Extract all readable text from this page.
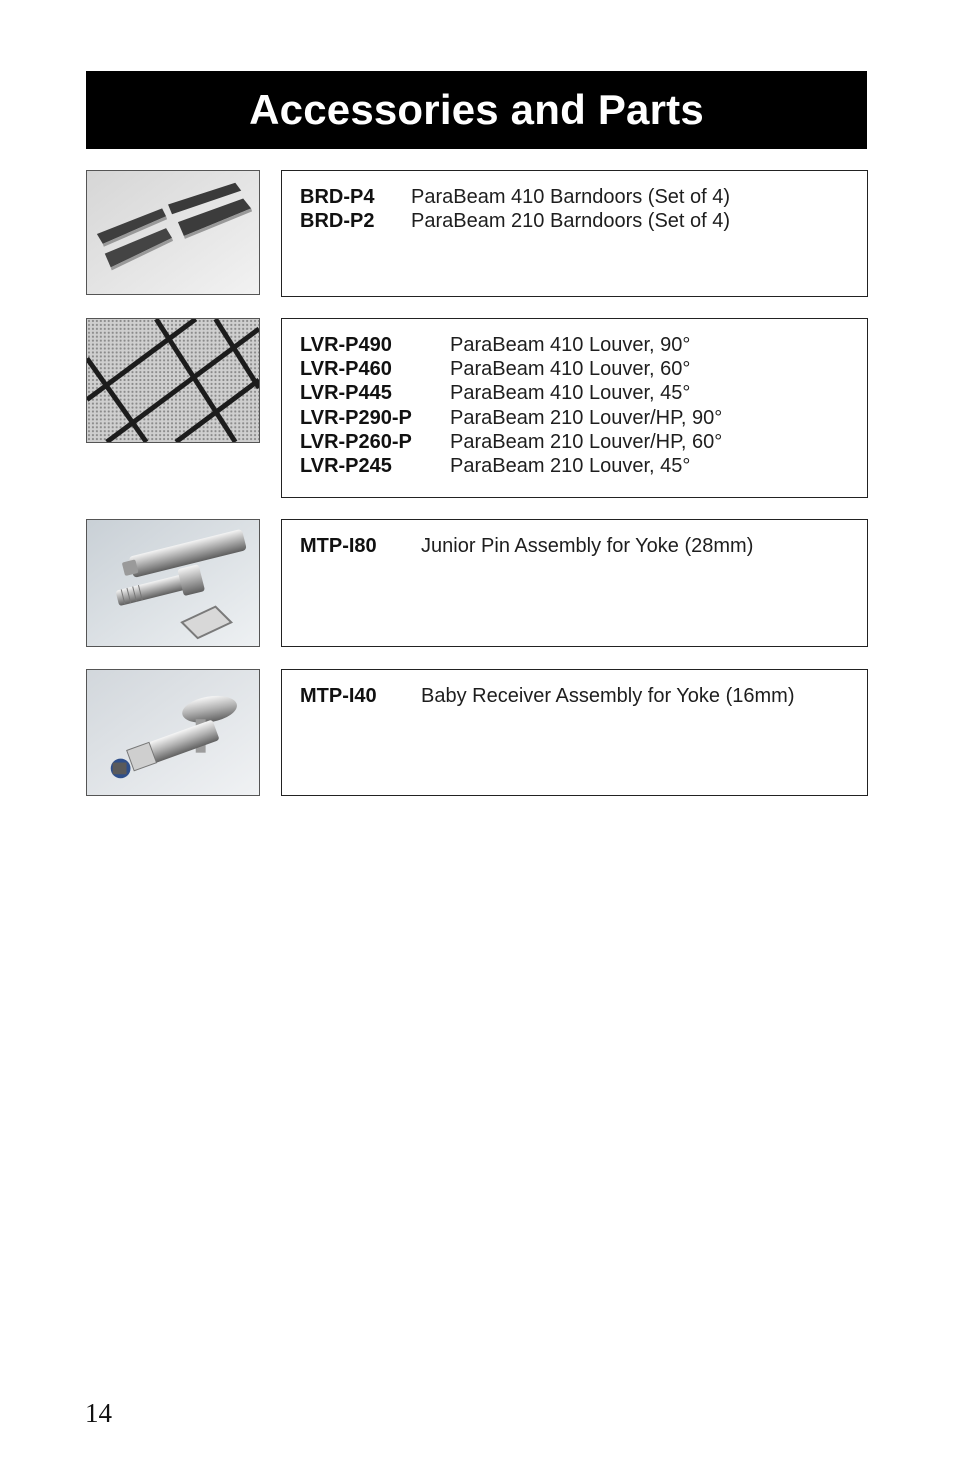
Accessories and Parts
BRD-P4	ParaBeam 410 Barndoors (Set of 4)
BRD-P2	ParaBeam 210 Barndoors (Set of 4)
LVR-P490	ParaBeam 410 Louver, 90°
LVR-P460	ParaBeam 410 Louver, 60°
LVR-P445	ParaBeam 410 Louver, 45°
LVR-P290-P	ParaBeam 210 Louver/HP, 90°
LVR-P260-P	ParaBeam 210 Louver/HP, 60°
LVR-P245	ParaBeam 210 Louver, 45°
MTP-I80	Junior Pin Assembly for Yoke (28mm)
MTP-I40	Baby Receiver Assembly for Yoke (16mm)
14
